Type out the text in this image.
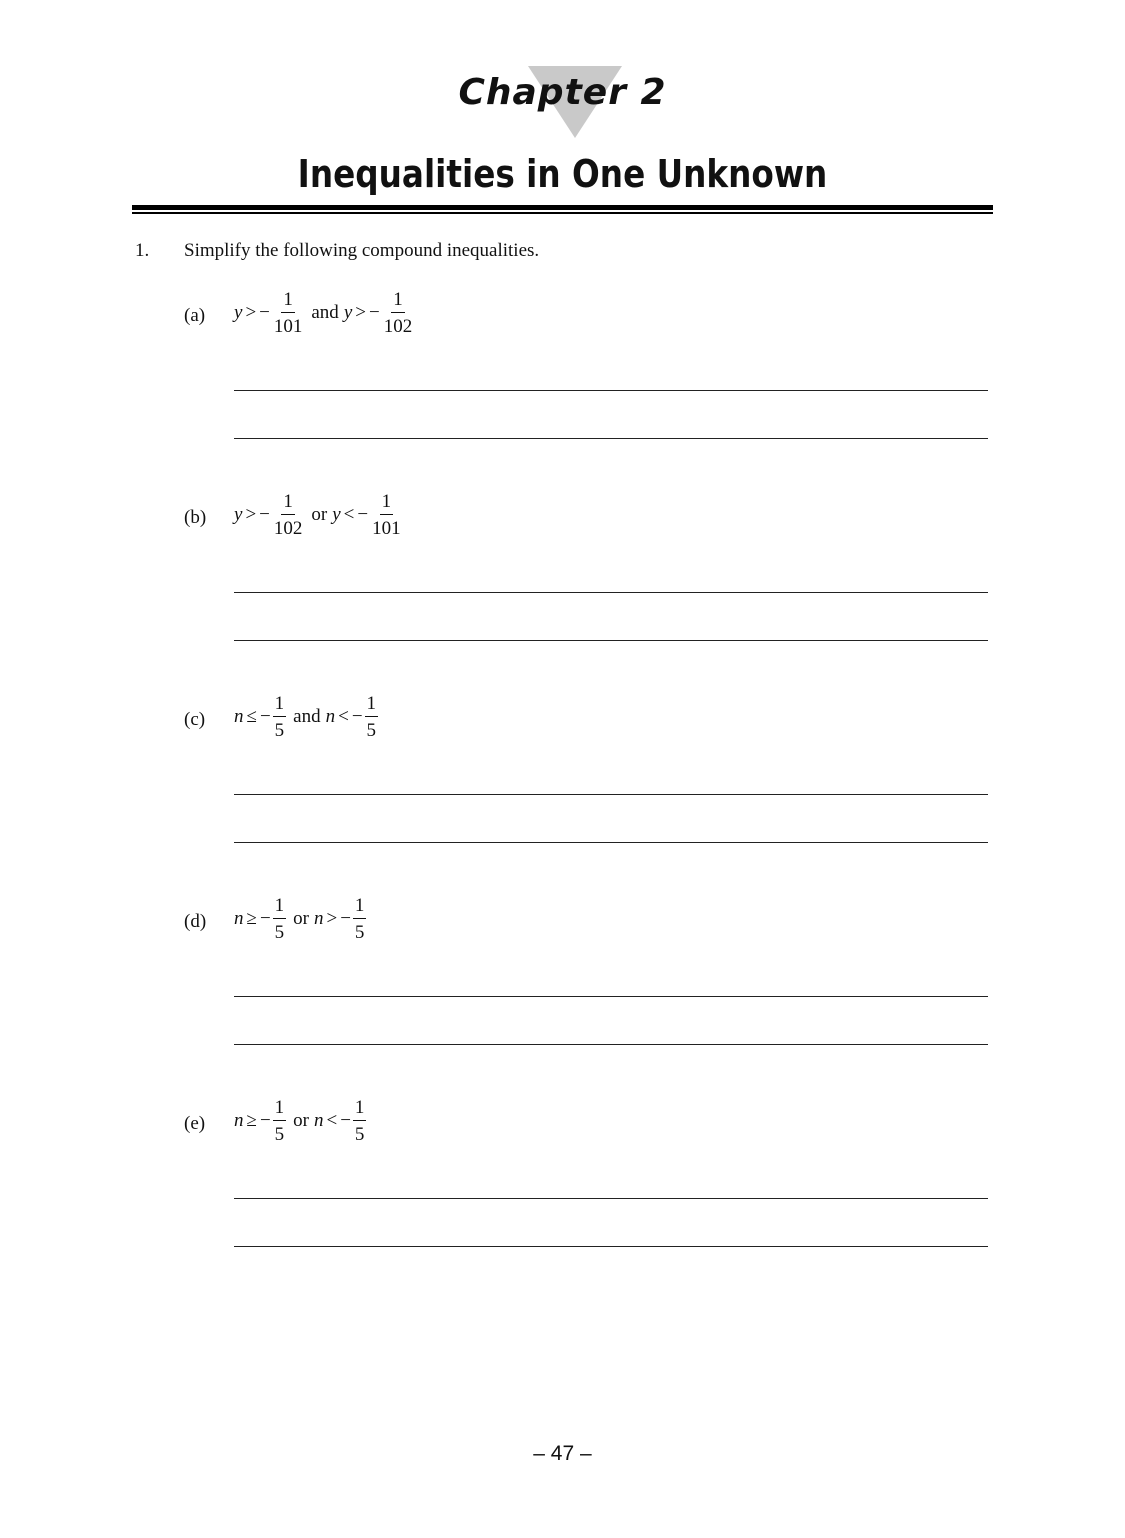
Chapter 2
Inequalities in One Unknown
1. Simplify the following compound inequalities.
(a) y > − $\frac{1}{101}$ and y > − $\frac{1}{102}$
(b) y > − $\frac{1}{102}$ or y < − $\frac{1}{101}$
(c) n ≤ − $\frac{1}{5}$ and n < − $\frac{1}{5}$
(d) n ≥ − $\frac{1}{5}$ or n > − $\frac{1}{5}$
(e) n ≥ − $\frac{1}{5}$ or n < − $\frac{1}{5}$
– 47 –
